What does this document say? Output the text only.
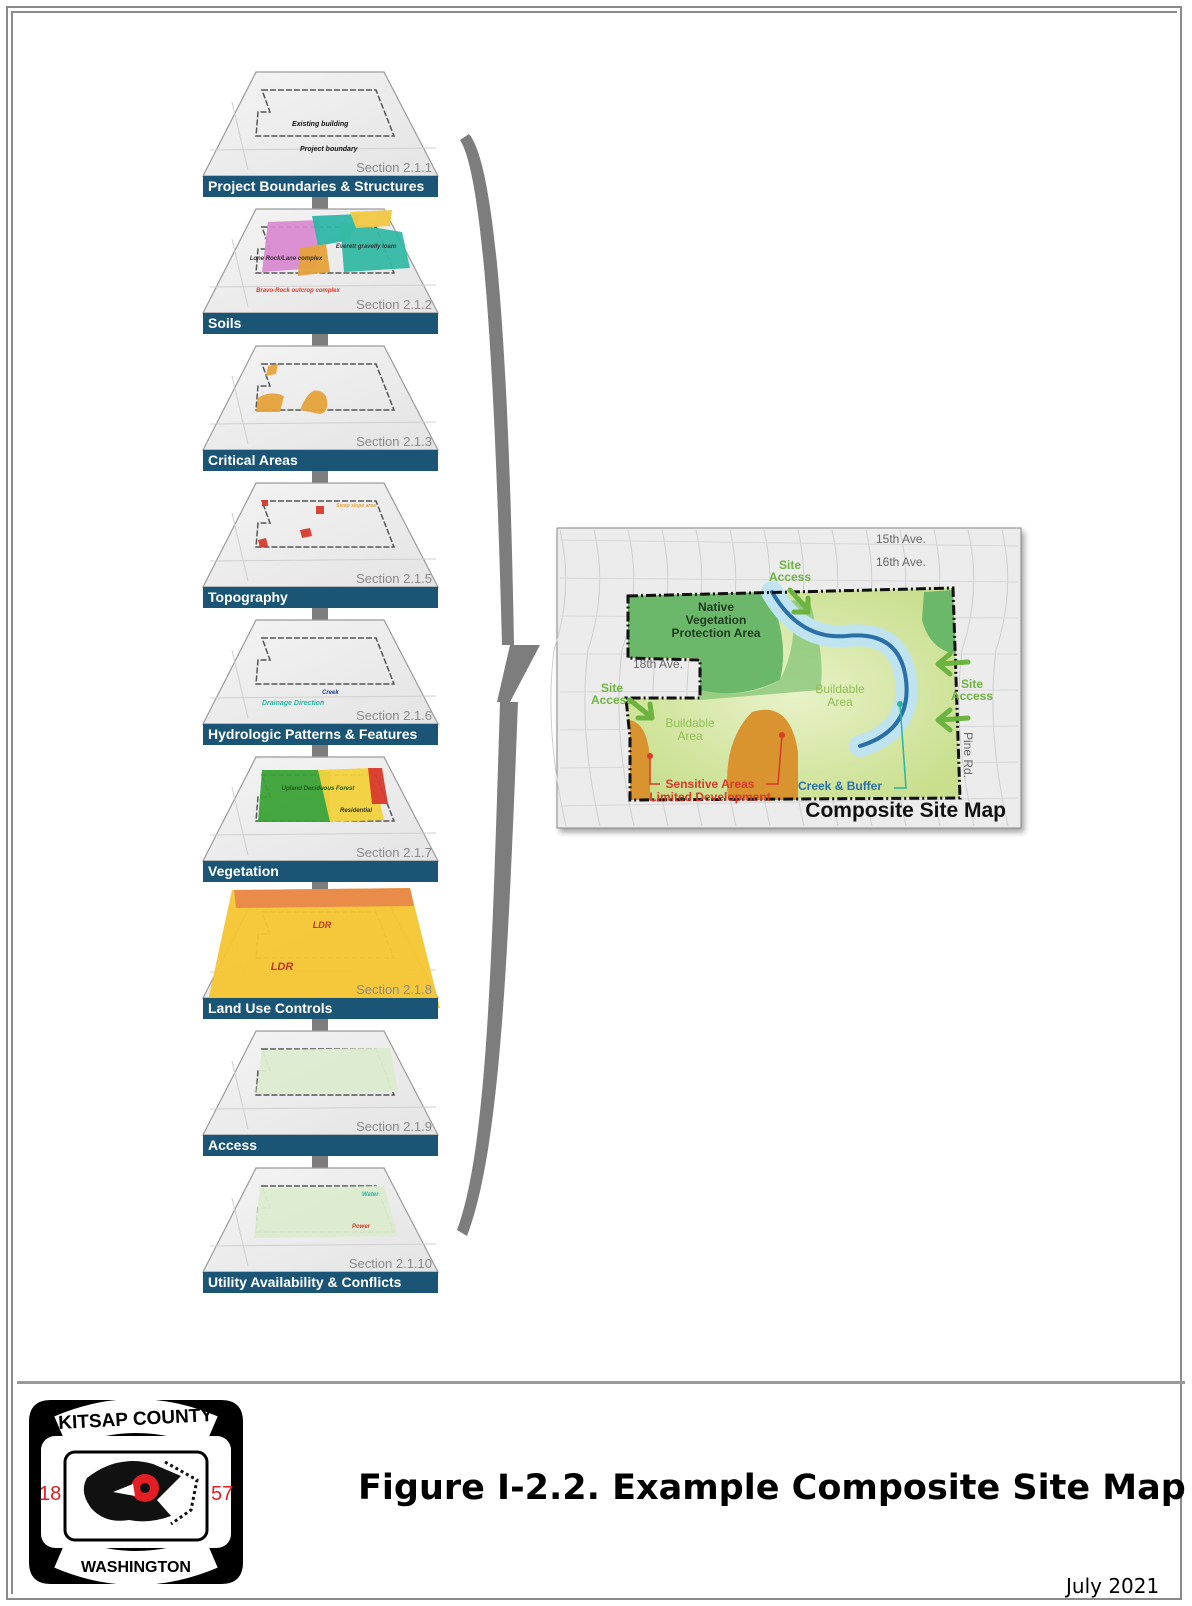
Section 2.1.1
Project Boundaries & Structures
Section 2.1.2
Soils
Section 2.1.3
Critical Areas
Section 2.1.5
Topography
Section 2.1.6
Hydrologic Patterns & Features
Section 2.1.7
Vegetation
Section 2.1.8
Land Use Controls
Section 2.1.9
Access
Section 2.1.10
Utility Availability & Conflicts
Existing building
Project boundary
Lone Rock/Lane complex
Everett gravelly loam
Bravo-Rock outcrop complex
Steep slope area
Drainage Direction
Creek
Upland Deciduous Forest
Residential
LDR
LDR
Water
Power
15th Ave.
16th Ave.
18th Ave.
Pine Rd.
Native
Vegetation
Protection Area
Site
Access
Site
Access
Site
Access
Buildable
Area
Buildable
Area
Sensitive Areas
Limited Development
Creek & Buffer
Composite Site Map
KITSAP COUNTY
WASHINGTON
18	57	Figure I-2.2. Example Composite Site Map
July 2021
